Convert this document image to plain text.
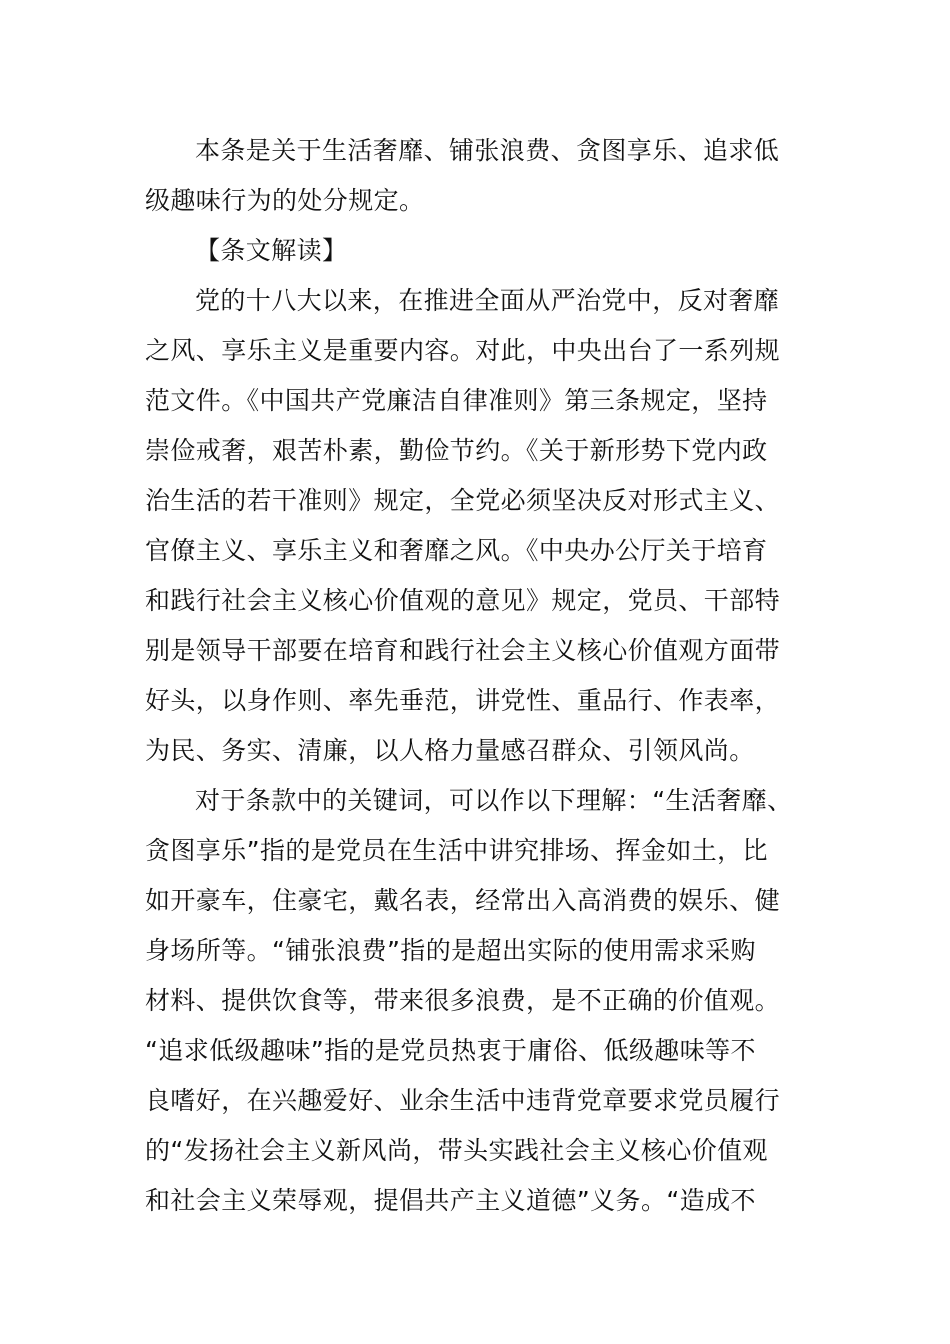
本条是关于生活奢靡、铺张浪费、贪图享乐、追求低
级趣味行为的处分规定。
【条文解读】
党的十八大以来，在推进全面从严治党中，反对奢靡
之风、享乐主义是重要内容。对此，中央出台了一系列规
范文件。《中国共产党廉洁自律准则》第三条规定，坚持
崇俭戒奢，艰苦朴素，勤俭节约。《关于新形势下党内政
治生活的若干准则》规定，全党必须坚决反对形式主义、
官僚主义、享乐主义和奢靡之风。《中央办公厅关于培育
和践行社会主义核心价值观的意见》规定，党员、干部特
别是领导干部要在培育和践行社会主义核心价值观方面带
好头，以身作则、率先垂范，讲党性、重品行、作表率，
为民、务实、清廉，以人格力量感召群众、引领风尚。
对于条款中的关键词，可以作以下理解：“生活奢靡、
贪图享乐”指的是党员在生活中讲究排场、挥金如土，比
如开豪车，住豪宅，戴名表，经常出入高消费的娱乐、健
身场所等。“铺张浪费”指的是超出实际的使用需求采购
材料、提供饮食等，带来很多浪费，是不正确的价值观。
“追求低级趣味”指的是党员热衷于庸俗、低级趣味等不
良嗜好，在兴趣爱好、业余生活中违背党章要求党员履行
的“发扬社会主义新风尚，带头实践社会主义核心价值观
和社会主义荣辱观，提倡共产主义道德”义务。“造成不
